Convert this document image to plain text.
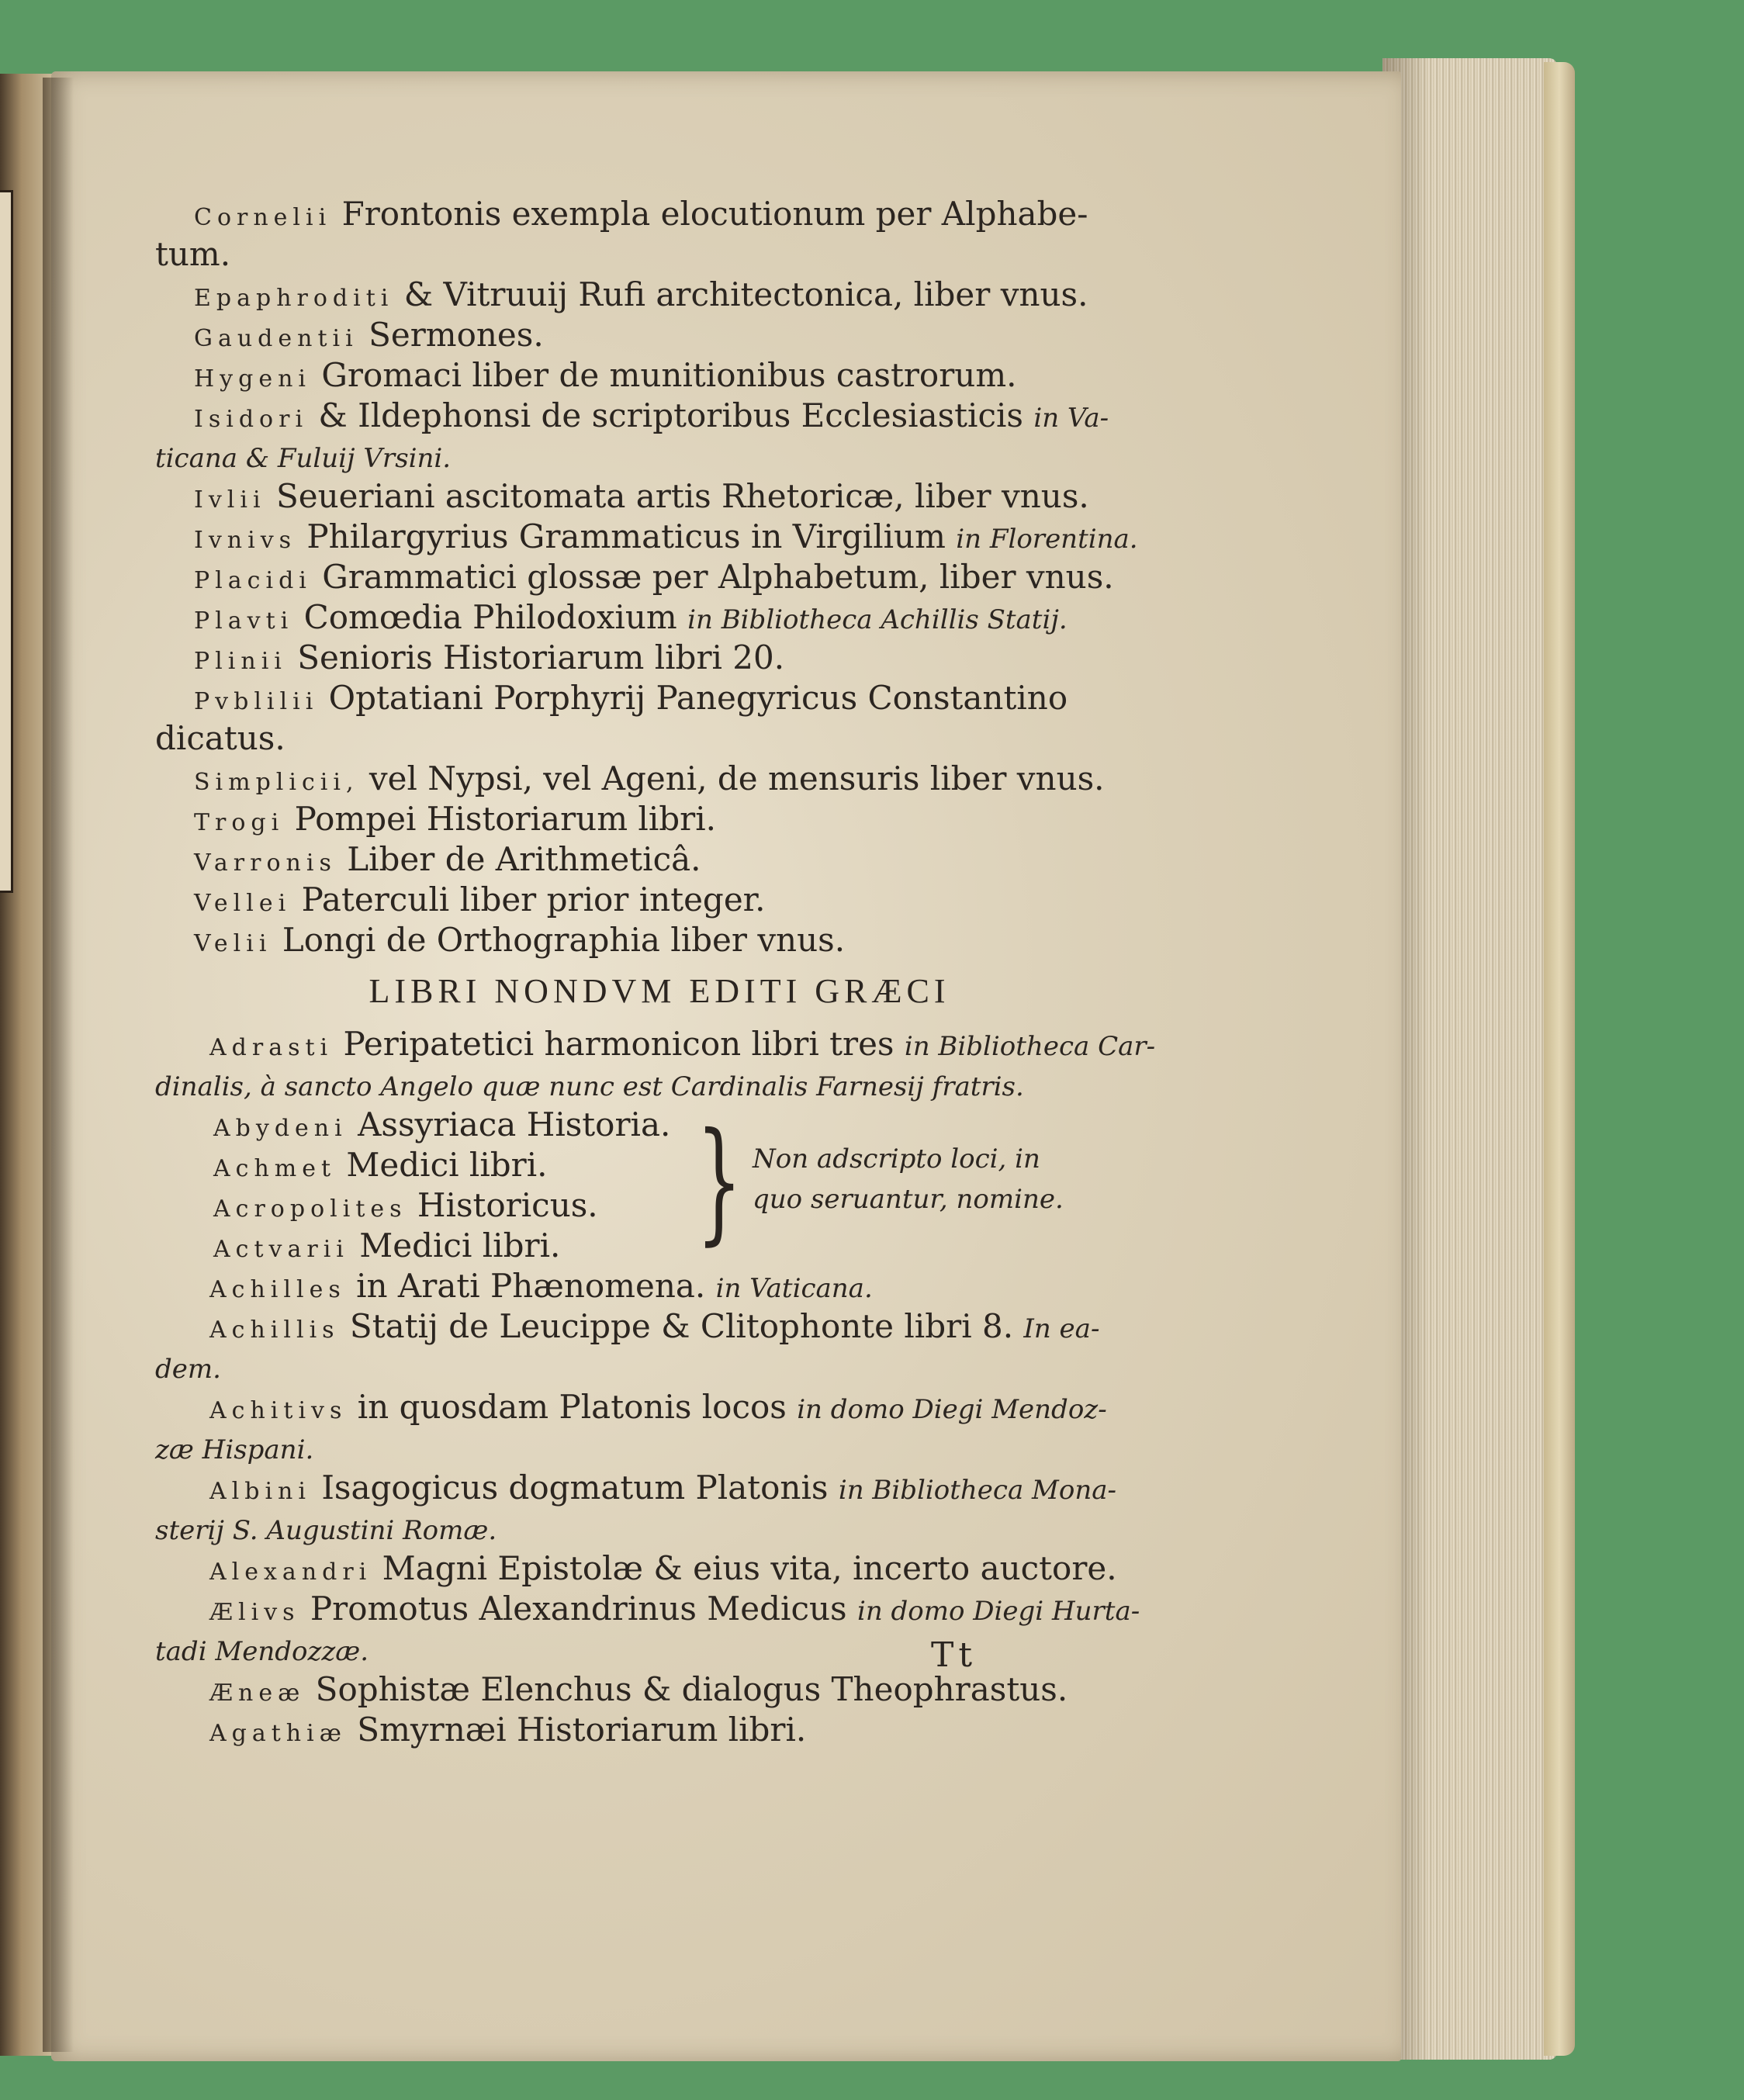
Cornelii Frontonis exempla elocutionum per Alphabe-
tum.
Epaphroditi & Vitruuij Rufi architectonica, liber vnus.
Gaudentii Sermones.
Hygeni Gromaci liber de munitionibus castrorum.
Isidori & Ildephonsi de scriptoribus Ecclesiasticis in Va-
ticana & Fuluij Vrsini.
Ivlii Seueriani ascitomata artis Rhetoricæ, liber vnus.
Ivnivs Philargyrius Grammaticus in Virgilium in Florentina.
Placidi Grammatici glossæ per Alphabetum, liber vnus.
Plavti Comœdia Philodoxium in Bibliotheca Achillis Statij.
Plinii Senioris Historiarum libri 20.
Pvblilii Optatiani Porphyrij Panegyricus Constantino
dicatus.
Simplicii, vel Nypsi, vel Ageni, de mensuris liber vnus.
Trogi Pompei Historiarum libri.
Varronis Liber de Arithmeticâ.
Vellei Paterculi liber prior integer.
Velii Longi de Orthographia liber vnus.
LIBRI NONDVM EDITI GRÆCI
Adrasti Peripatetici harmonicon libri tres in Bibliotheca Car-
dinalis, à sancto Angelo quæ nunc est Cardinalis Farnesij fratris.
Abydeni Assyriaca Historia.
Achmet Medici libri.
Acropolites Historicus.
Actvarii Medici libri.	} Non adscripto loci, in
quo seruantur, nomine.
Achilles in Arati Phænomena. in Vaticana.
Achillis Statij de Leucippe & Clitophonte libri 8. In ea-
dem.
Achitivs in quosdam Platonis locos in domo Diegi Mendoz-
zæ Hispani.
Albini Isagogicus dogmatum Platonis in Bibliotheca Mona-
sterij S. Augustini Romæ.
Alexandri Magni Epistolæ & eius vita, incerto auctore.
Ælivs Promotus Alexandrinus Medicus in domo Diegi Hurta-
tadi Mendozzæ.
Æneæ Sophistæ Elenchus & dialogus Theophrastus.
Agathiæ Smyrnæi Historiarum libri.
Tt
